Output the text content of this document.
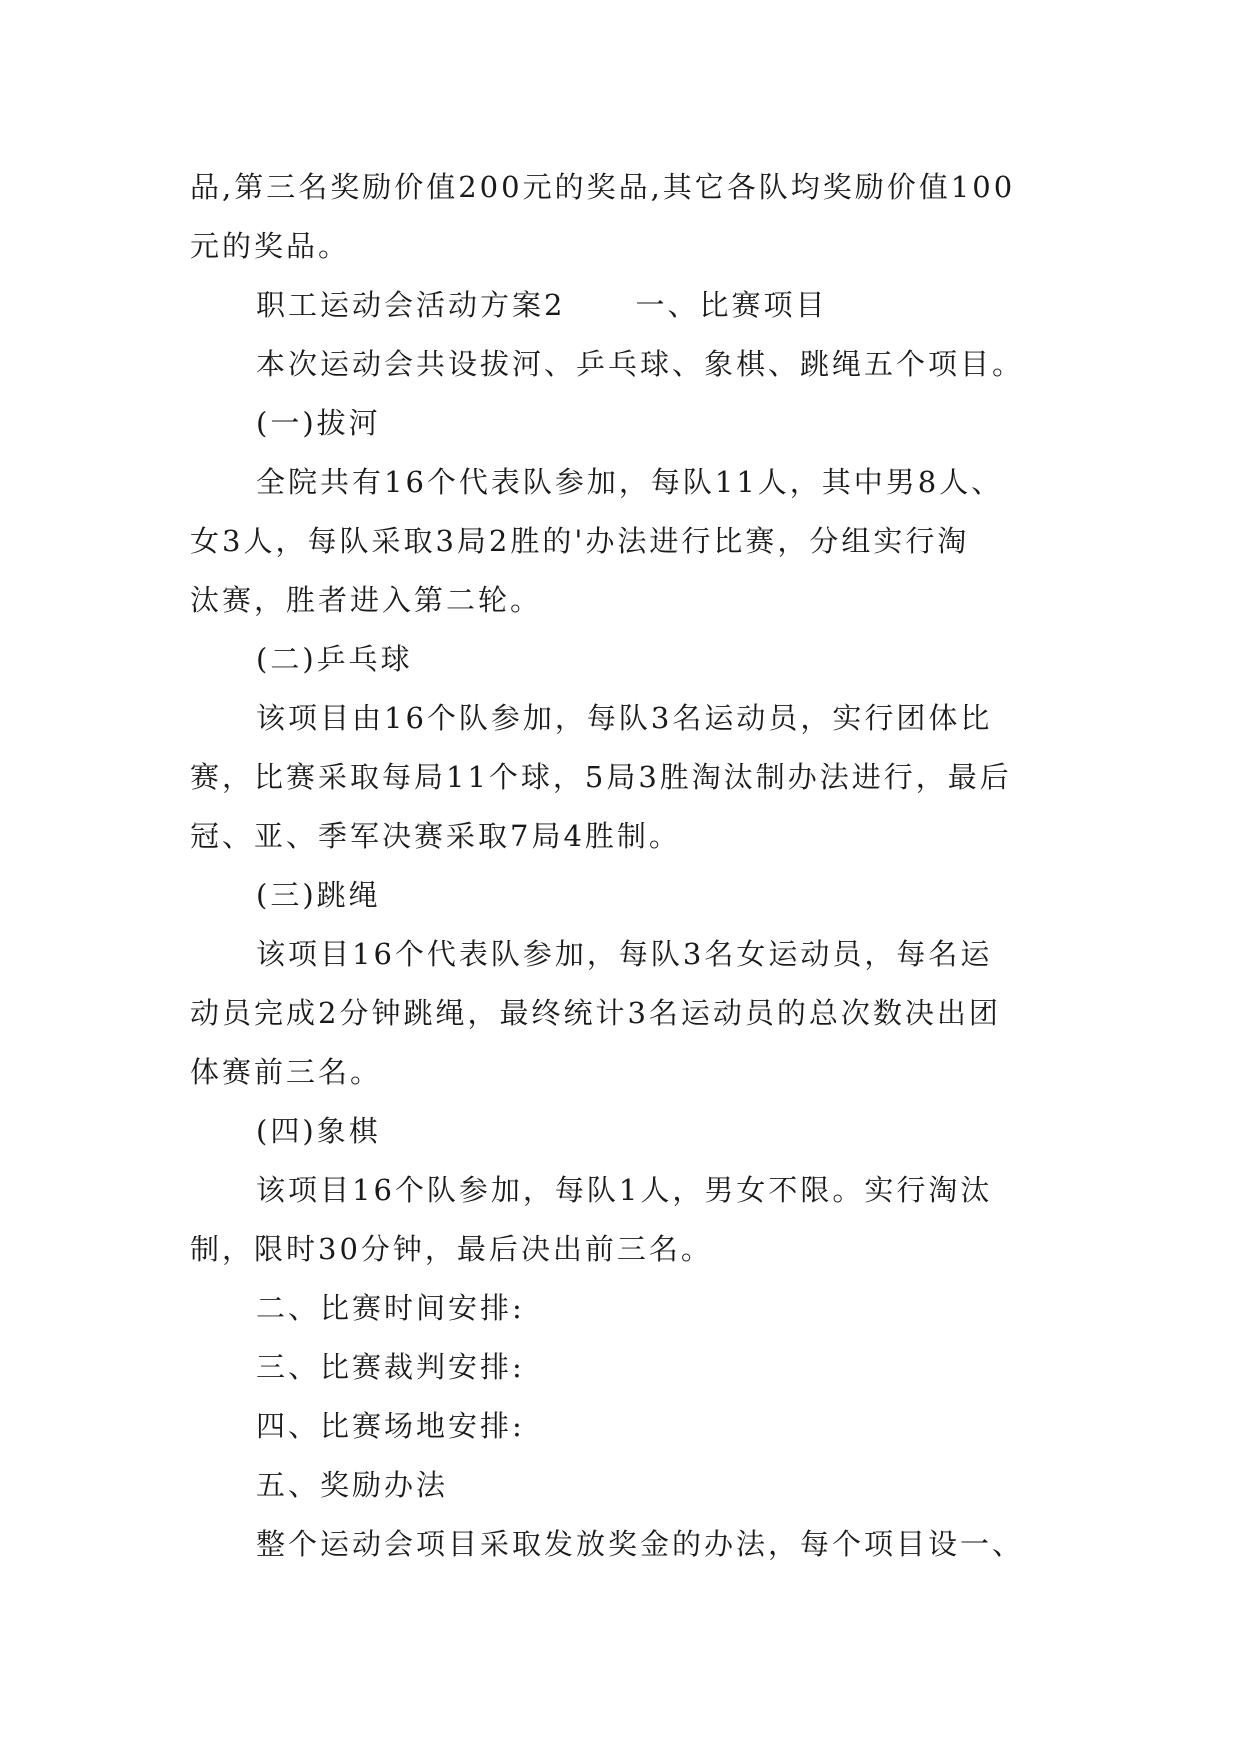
品,第三名奖励价值200元的奖品,其它各队均奖励价值100
元的奖品。
职工运动会活动方案2 一、比赛项目
本次运动会共设拔河、乒乓球、象棋、跳绳五个项目。
(一)拔河
全院共有16个代表队参加，每队11人，其中男8人、
女3人，每队采取3局2胜的'办法进行比赛，分组实行淘
汰赛，胜者进入第二轮。
(二)乒乓球
该项目由16个队参加，每队3名运动员，实行团体比
赛，比赛采取每局11个球，5局3胜淘汰制办法进行，最后
冠、亚、季军决赛采取7局4胜制。
(三)跳绳
该项目16个代表队参加，每队3名女运动员，每名运
动员完成2分钟跳绳，最终统计3名运动员的总次数决出团
体赛前三名。
(四)象棋
该项目16个队参加，每队1人，男女不限。实行淘汰
制，限时30分钟，最后决出前三名。
二、比赛时间安排:
三、比赛裁判安排:
四、比赛场地安排:
五、奖励办法
整个运动会项目采取发放奖金的办法，每个项目设一、
